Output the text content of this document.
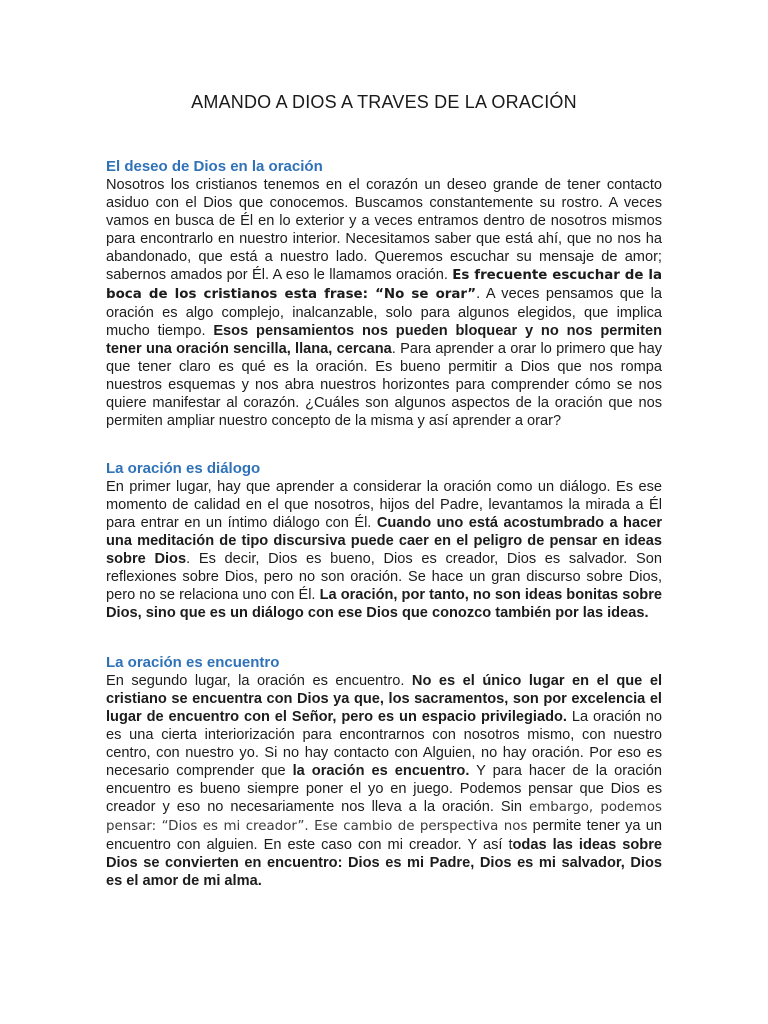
AMANDO A DIOS A TRAVES DE LA ORACIÓN
El deseo de Dios en la oración

Nosotros los cristianos tenemos en el corazón un deseo grande de tener contacto asiduo con el Dios que conocemos. Buscamos constantemente su rostro. A veces vamos en busca de Él en lo exterior y a veces entramos dentro de nosotros mismos para encontrarlo en nuestro interior. Necesitamos saber que está ahí, que no nos ha abandonado, que está a nuestro lado. Queremos escuchar su mensaje de amor; sabernos amados por Él. A eso le llamamos oración. Es frecuente escuchar de la boca de los cristianos esta frase: “No se orar”. A veces pensamos que la oración es algo complejo, inalcanzable, solo para algunos elegidos, que implica mucho tiempo. Esos pensamientos nos pueden bloquear y no nos permiten tener una oración sencilla, llana, cercana. Para aprender a orar lo primero que hay que tener claro es qué es la oración. Es bueno permitir a Dios que nos rompa nuestros esquemas y nos abra nuestros horizontes para comprender cómo se nos quiere manifestar al corazón. ¿Cuáles son algunos aspectos de la oración que nos permiten ampliar nuestro concepto de la misma y así aprender a orar?

La oración es diálogo

En primer lugar, hay que aprender a considerar la oración como un diálogo. Es ese momento de calidad en el que nosotros, hijos del Padre, levantamos la mirada a Él para entrar en un íntimo diálogo con Él. Cuando uno está acostumbrado a hacer una meditación de tipo discursiva puede caer en el peligro de pensar en ideas sobre Dios. Es decir, Dios es bueno, Dios es creador, Dios es salvador. Son reflexiones sobre Dios, pero no son oración. Se hace un gran discurso sobre Dios, pero no se relaciona uno con Él. La oración, por tanto, no son ideas bonitas sobre Dios, sino que es un diálogo con ese Dios que conozco también por las ideas.

La oración es encuentro

En segundo lugar, la oración es encuentro. No es el único lugar en el que el cristiano se encuentra con Dios ya que, los sacramentos, son por excelencia el lugar de encuentro con el Señor, pero es un espacio privilegiado. La oración no es una cierta interiorización para encontrarnos con nosotros mismo, con nuestro centro, con nuestro yo. Si no hay contacto con Alguien, no hay oración. Por eso es necesario comprender que la oración es encuentro. Y para hacer de la oración encuentro es bueno siempre poner el yo en juego. Podemos pensar que Dios es creador y eso no necesariamente nos lleva a la oración. Sin embargo, podemos pensar: “Dios es mi creador”. Ese cambio de perspectiva nos permite tener ya un encuentro con alguien. En este caso con mi creador. Y así todas las ideas sobre Dios se convierten en encuentro: Dios es mi Padre, Dios es mi salvador, Dios es el amor de mi alma.
